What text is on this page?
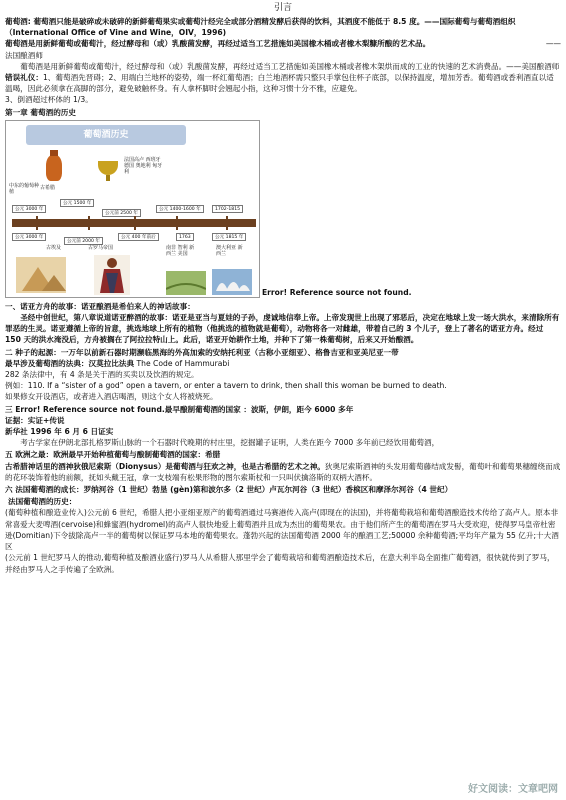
引言

葡萄酒: 葡萄酒只能是破碎或未破碎的新鲜葡萄果实或葡萄汁经完全或部分酒精发酵后获得的饮料，其酒度不能低于 8.5 度。——国际葡萄与葡萄酒组织（International Office of Vine and Wine，OIV，1996)

葡萄酒是用新鲜葡萄或葡萄汁，经过酵母和（或）乳酸菌发酵，再经过适当工艺措施如美国橡木桶或者橡木梨糠所酿的艺术品。	——

法国酿酒师

葡萄酒是用新鲜葡萄或葡萄汁，经过酵母和（或）乳酸菌发酵，再经过适当工艺措施如美国橡木桶或者橡木架烘而成的工业的快速的艺术消费品。——美国酿酒师

错误礼仪：1、葡萄酒先晋碍；2、用端白兰地杯的姿势，端一杯红葡萄酒；白兰地酒杯需只整只手掌包住杯子底部，以保持温度，增加芳香。葡萄酒或香利酒直以适温喝，因此必须拿在高脚的部分，避免破触杯身。有人拿杯脚时会翘起小指，这种习惯十分不雅，应避免。

3、倒酒超过杯体的 1/3。

第一章 葡萄酒的历史

葡萄酒历史
古希腊
法国高卢 西班牙 德国 奥地利 匈牙利
中东的葡萄种植
公元 3000 年
公元 1500 年
公元前 2500 年
公元 1400-1600 年	1702-1815
公元 3000 年
公元前 2000 年
公元 400 年前后	1763	公元 1815 年
古埃及	古罗马帝国	南非 智利 新西兰 美国
澳大利亚 新西兰
Error! Reference source not found.

一、诺亚方舟的故事：诺亚酿酒是希伯来人的神话故事：

圣经中创世纪，第八章说道诺亚醉酒的故事：诺亚是亚当与夏娃的子孙，虔诚地信奉上帝。上帝发现世上出现了邪恶后，决定在地球上发一场大洪水，来清除所有罪恶的生灵。诺亚遵循上帝的旨意，挑选地球上所有的植物（他挑选的植物就是葡萄），动物将各一对雌雄，带着自己的 3 个儿子，登上了著名的诺亚方舟。经过 150 天的洪水淹没后，方舟被搁在了阿拉拉特山上。此后，诺亚开始耕作土地，并种下了第一株葡萄树，后来又开始酿酒。

二 种子的起源：一万年以前新石器时期濒临黑海的外高加索的安纳托利亚（古称小亚细亚）、格鲁吉亚和亚美尼亚一带

最早涉及葡萄酒的法典：汉莫拉比法典 The Code of Hammurabi

282 条法律中，有 4 条是关于酒的买卖以及饮酒的规定。

例如：110. If a “sister of a god” open a tavern, or enter a tavern to drink, then shall this woman be burned to death.

如果修女开设酒店，或者进入酒店喝酒，则这个女人将被烧死。

三 Error! Reference source not found.最早酿制葡萄酒的国家 ：波斯，伊朗，距今 6000 多年

证据：实证+传说

新华社 1996 年 6 月 6 日证实

考古学家在伊朗北部扎格罗斯山脉的一个石器时代晚期的村庄里，挖掘罐子证明，人类在距今 7000 多年前已经饮用葡萄酒，

五 欧洲之最：欧洲最早开始种植葡萄与酿制葡萄酒的国家：希腊

古希腊神话里的酒神狄俄尼索斯（Dionysus）是葡萄酒与狂欢之神，也是古希腊的艺术之神。狄奥尼索斯酒神的头发用葡萄藤结成发髻，葡萄叶和葡萄果穗缠绕而成的花环装饰着他的前额，抚如头戴王冠，拿一支枝端有松果形物的图尔索斯杖和一只叫伏擒洛斯的双柄大酒杯。

六 法国葡萄酒的成长：罗纳河谷（1 世纪）勃垦 (gèn)第和波尔多（2 世纪）卢瓦尔河谷（3 世纪）香槟区和摩泽尔河谷（4 世纪）

法国葡萄酒的历史：

(葡萄种植和酿造业传入)公元前 6 世纪，希腊人把小亚细亚原产的葡萄酒通过马赛港传入高卢(即现在的法国)，并将葡萄栽培和葡萄酒酿造技术传给了高卢人。原本非常喜爱大麦啤酒(cervoise)和蜂蜜酒(hydromel)的高卢人很快地爱上葡萄酒并且成为杰出的葡萄果农。由于他们所产生的葡萄酒在罗马大受欢迎，使得罗马皇帝杜密逊(Domitian)下令拔除高卢一半的葡萄树以保证罗马本地的葡萄果农。蓬勃兴起的法国葡萄酒 2000 年的酿酒工艺;50000 余种葡萄酒;平均年产量为 55 亿升;十大酒区

(公元前 1 世纪罗马人的推动,葡萄种植及酿酒业盛行)罗马人从希腊人那里学会了葡萄栽培和葡萄酒酿造技术后，在意大利半岛全面推广葡萄酒，很快就传到了罗马，并经由罗马人之手传遍了全欧洲。

好文阅读：文章吧网
